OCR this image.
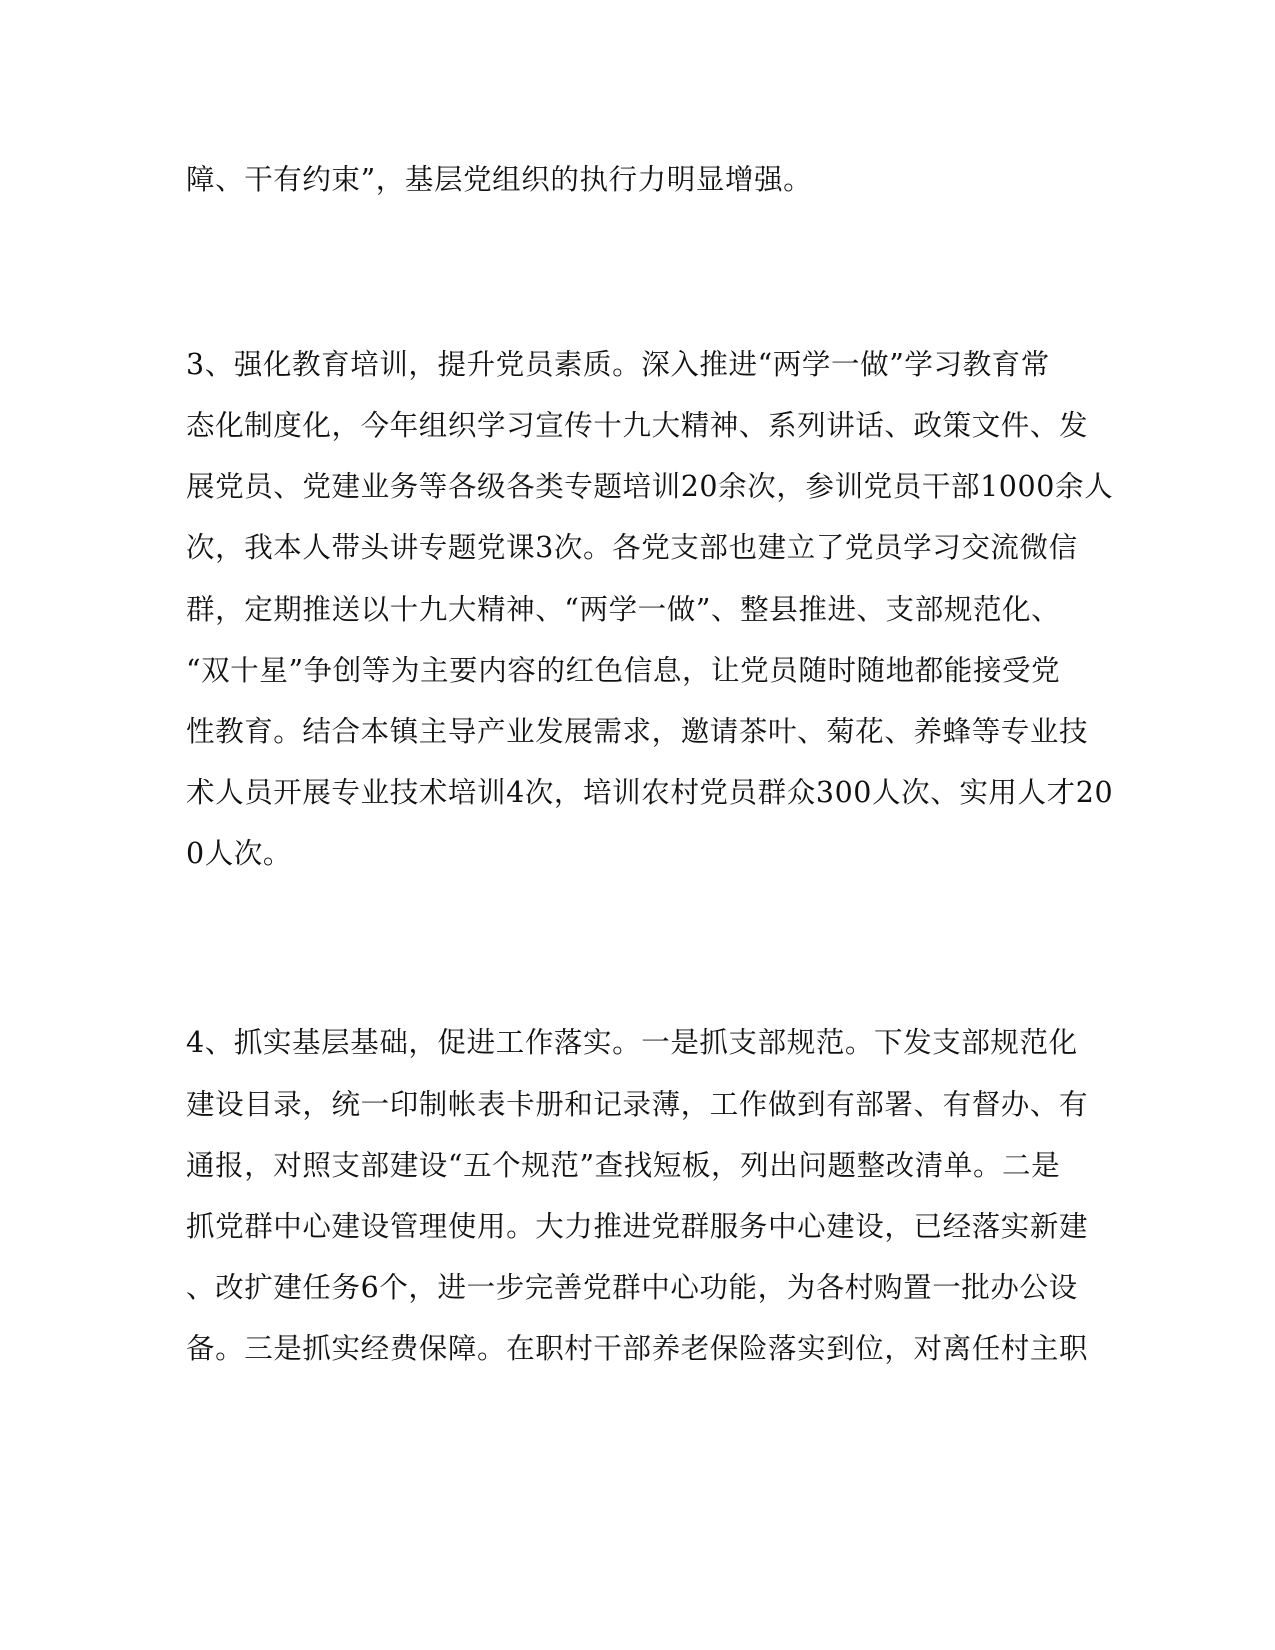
障、干有约束”，基层党组织的执行力明显增强。
3、强化教育培训，提升党员素质。深入推进“两学一做”学习教育常
态化制度化，今年组织学习宣传十九大精神、系列讲话、政策文件、发
展党员、党建业务等各级各类专题培训20余次，参训党员干部1000余人
次，我本人带头讲专题党课3次。各党支部也建立了党员学习交流微信
群，定期推送以十九大精神、“两学一做”、整县推进、支部规范化、
“双十星”争创等为主要内容的红色信息，让党员随时随地都能接受党
性教育。结合本镇主导产业发展需求，邀请茶叶、菊花、养蜂等专业技
术人员开展专业技术培训4次，培训农村党员群众300人次、实用人才20
0人次。
4、抓实基层基础，促进工作落实。一是抓支部规范。下发支部规范化
建设目录，统一印制帐表卡册和记录薄，工作做到有部署、有督办、有
通报，对照支部建设“五个规范”查找短板，列出问题整改清单。二是
抓党群中心建设管理使用。大力推进党群服务中心建设，已经落实新建
、改扩建任务6个，进一步完善党群中心功能，为各村购置一批办公设
备。三是抓实经费保障。在职村干部养老保险落实到位，对离任村主职
